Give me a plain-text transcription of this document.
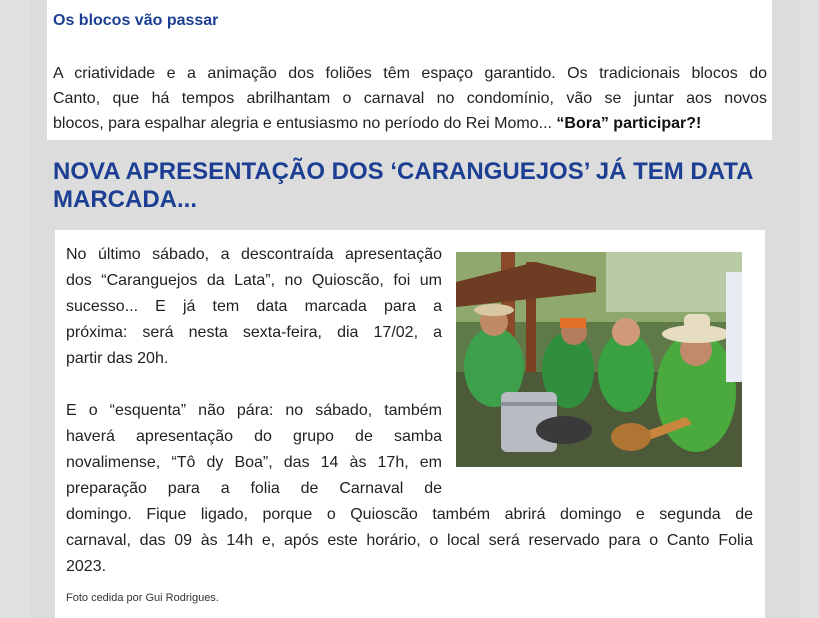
Os blocos vão passar
A criatividade e a animação dos foliões têm espaço garantido. Os tradicionais blocos do
Canto, que há tempos abrilhantam o carnaval no condomínio, vão se juntar aos novos
blocos, para espalhar alegria e entusiasmo no período do Rei Momo... “Bora” participar?!
NOVA APRESENTAÇÃO DOS ‘CARANGUEJOS’ JÁ TEM DATA MARCADA...
No último sábado, a descontraída apresentação
dos “Caranguejos da Lata”, no Quioscão, foi um
sucesso... E já tem data marcada para a
próxima: será nesta sexta-feira, dia 17/02, a
partir das 20h.
E o “esquenta” não pára: no sábado, também
haverá apresentação do grupo de samba
novalimense, “Tô dy Boa”, das 14 às 17h, em
preparação para a folia de Carnaval de
domingo. Fique ligado, porque o Quioscão também abrirá domingo e segunda de
carnaval, das 09 às 14h e, após este horário, o local será reservado para o Canto Folia
2023.
Foto cedida por Gui Rodrigues.
